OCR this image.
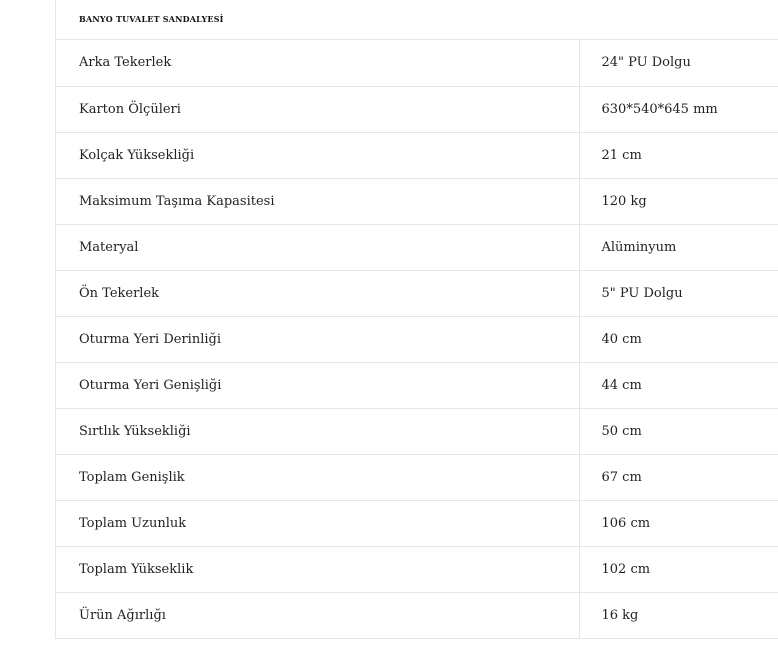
BANYO TUVALET SANDALYESİ
Arka Tekerlek	24" PU Dolgu
Karton Ölçüleri	630*540*645 mm
Kolçak Yüksekliği	21 cm
Maksimum Taşıma Kapasitesi	120 kg
Materyal	Alüminyum
Ön Tekerlek	5" PU Dolgu
Oturma Yeri Derinliği	40 cm
Oturma Yeri Genişliği	44 cm
Sırtlık Yüksekliği	50 cm
Toplam Genişlik	67 cm
Toplam Uzunluk	106 cm
Toplam Yükseklik	102 cm
Ürün Ağırlığı	16 kg
